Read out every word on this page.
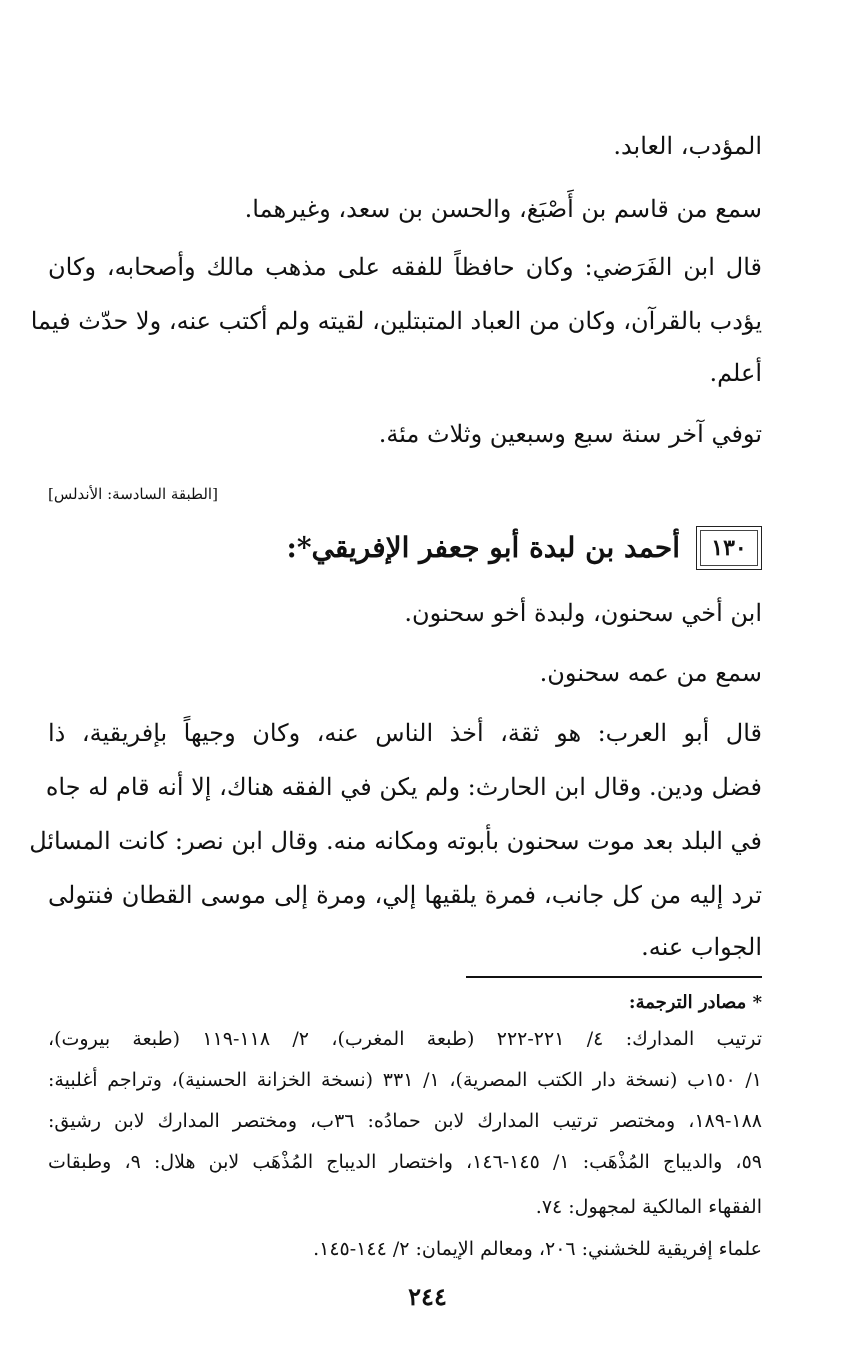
المؤدب، العابد.
سمع من قاسم بن أَصْبَغ، والحسن بن سعد، وغيرهما.
قال ابن الفَرَضي: وكان حافظاً للفقه على مذهب مالك وأصحابه، وكان
يؤدب بالقرآن، وكان من العباد المتبتلين، لقيته ولم أكتب عنه، ولا حدّث فيما
أعلم.
توفي آخر سنة سبع وسبعين وثلاث مئة.
[الطبقة السادسة: الأندلس]
١٣٠
أحمد بن لبدة أبو جعفر الإفريقي*:
ابن أخي سحنون، ولبدة أخو سحنون.
سمع من عمه سحنون.
قال أبو العرب: هو ثقة، أخذ الناس عنه، وكان وجيهاً بإفريقية، ذا
فضل ودين. وقال ابن الحارث: ولم يكن في الفقه هناك، إلا أنه قام له جاه
في البلد بعد موت سحنون بأبوته ومكانه منه. وقال ابن نصر: كانت المسائل
ترد إليه من كل جانب، فمرة يلقيها إلي، ومرة إلى موسى القطان فنتولى
الجواب عنه.
* مصادر الترجمة:
ترتيب المدارك: ٤/ ٢٢١-٢٢٢ (طبعة المغرب)، ٢/ ١١٨-١١٩ (طبعة بيروت)،
١/ ١٥٠ب (نسخة دار الكتب المصرية)، ١/ ٣٣١ (نسخة الخزانة الحسنية)، وتراجم أغلبية:
١٨٨-١٨٩، ومختصر ترتيب المدارك لابن حمادُه: ٣٦ب، ومختصر المدارك لابن رشيق:
٥٩، والديباج المُذْهَب: ١/ ١٤٥-١٤٦، واختصار الديباج المُذْهَب لابن هلال: ٩، وطبقات
الفقهاء المالكية لمجهول: ٧٤.
علماء إفريقية للخشني: ٢٠٦، ومعالم الإيمان: ٢/ ١٤٤-١٤٥.
٢٤٤
